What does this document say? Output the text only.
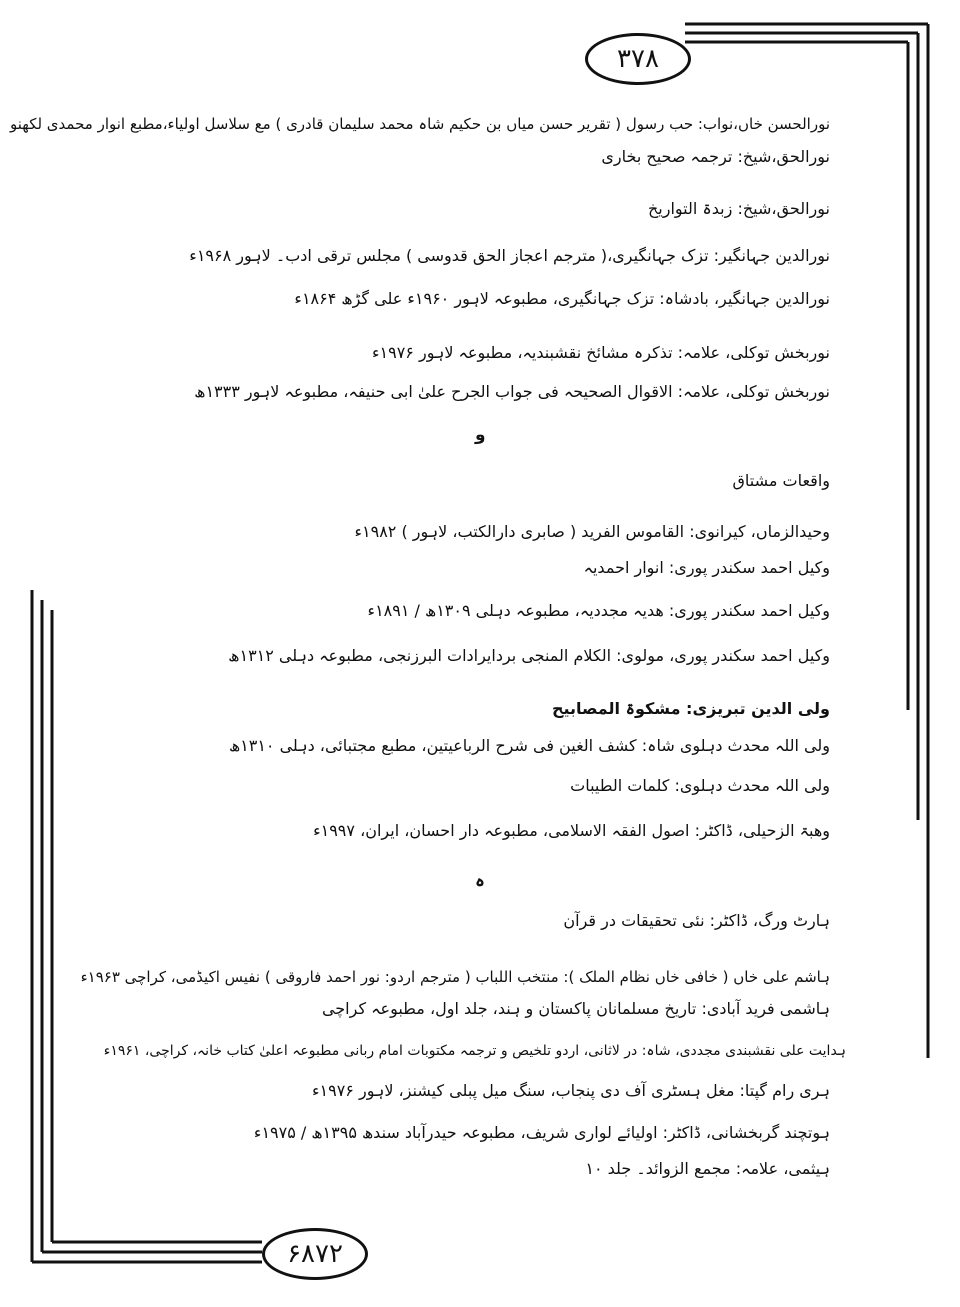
۳۷۸
۶۸۷۲
نورالحسن خاں،نواب: حب رسول ( تقریر حسن میاں بن حکیم شاہ محمد سلیمان قادری ) مع سلاسل اولیاء،مطبع انوار محمدی لکھنو
نورالحق،شیخ: ترجمہ صحیح بخاری
نورالحق،شیخ: زبدۃ التواریخ
نورالدین جہانگیر: تزک جہانگیری،( مترجم اعجاز الحق قدوسی ) مجلس ترقی ادب۔ لاہور ۱۹۶۸ء
نورالدین جہانگیر، بادشاہ: تزک جہانگیری، مطبوعہ لاہور ۱۹۶۰ء علی گڑھ ۱۸۶۴ء
نوربخش توکلی، علامہ: تذکرہ مشائخ نقشبندیہ، مطبوعہ لاہور ۱۹۷۶ء
نوربخش توکلی، علامہ: الاقوال الصحیحہ فی جواب الجرح علیٰ ابی حنیفہ، مطبوعہ لاہور ۱۳۳۳ھ
واقعات مشتاق
وحیدالزماں، کیرانوی: القاموس الفرید ( صابری دارالکتب، لاہور ) ۱۹۸۲ء
وکیل احمد سکندر پوری: انوار احمدیہ
وکیل احمد سکندر پوری: ھدیہ مجددیہ، مطبوعہ دہلی ۱۳۰۹ھ / ۱۸۹۱ء
وکیل احمد سکندر پوری، مولوی: الکلام المنجی بردایرادات البرزنجی، مطبوعہ دہلی ۱۳۱۲ھ
ولی الدین تبریزی: مشکوۃ المصابیح
ولی اللہ محدث دہلوی شاہ: کشف الغین فی شرح الرباعیتین، مطبع مجتبائی، دہلی ۱۳۱۰ھ
ولی اللہ محدث دہلوی: کلمات الطیبات
وھبۃ الزحیلی، ڈاکٹر: اصول الفقہ الاسلامی، مطبوعہ دار احسان، ایران، ۱۹۹۷ء
ہارٹ ورگ، ڈاکٹر: نئی تحقیقات در قرآن
ہاشم علی خاں ( خافی خاں نظام الملک ): منتخب اللباب ( مترجم اردو: نور احمد فاروقی ) نفیس اکیڈمی، کراچی ۱۹۶۳ء
ہاشمی فرید آبادی: تاریخ مسلمانان پاکستان و ہند، جلد اول، مطبوعہ کراچی
ہدایت علی نقشبندی مجددی، شاہ: در لاثانی، اردو تلخیص و ترجمہ مکتوبات امام ربانی مطبوعہ اعلیٰ کتاب خانہ، کراچی، ۱۹۶۱ء
ہری رام گپتا: مغل ہسٹری آف دی پنجاب، سنگ میل پبلی کیشنز، لاہور ۱۹۷۶ء
ہوتچند گربخشانی، ڈاکٹر: اولیائے لواری شریف، مطبوعہ حیدرآباد سندھ ۱۳۹۵ھ / ۱۹۷۵ء
ہیثمی، علامہ: مجمع الزوائد۔ جلد ۱۰
و
ہ
